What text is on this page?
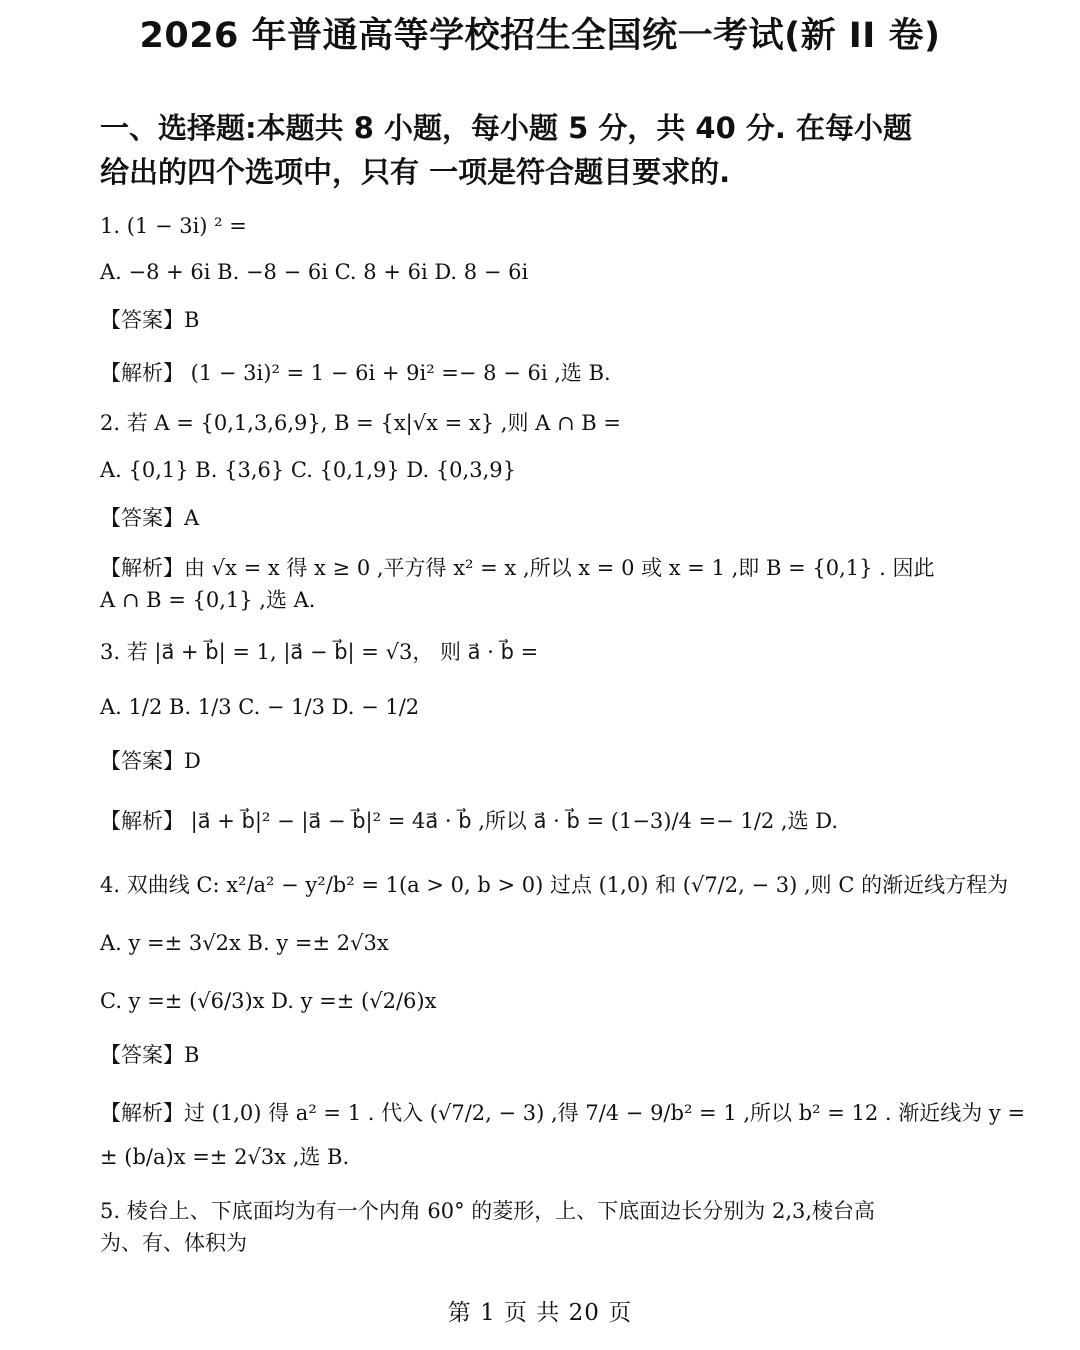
2026 年普通高等学校招生全国统一考试(新 II 卷)
一、选择题:本题共 8 小题，每小题 5 分，共 40 分. 在每小题
给出的四个选项中，只有 一项是符合题目要求的.
1. (1 − 3i) ² =
A. −8 + 6i B. −8 − 6i C. 8 + 6i D. 8 − 6i
【答案】B
【解析】 (1 − 3i)² = 1 − 6i + 9i² =− 8 − 6i ,选 B.
2. 若 A = {0,1,3,6,9}, B = {x|√x = x} ,则 A ∩ B =
A. {0,1} B. {3,6} C. {0,1,9} D. {0,3,9}
【答案】A
【解析】由 √x = x 得 x ≥ 0 ,平方得 x² = x ,所以 x = 0 或 x = 1 ,即 B = {0,1} . 因此
A ∩ B = {0,1} ,选 A.
3. 若 |a⃗ + b⃗| = 1, |a⃗ − b⃗| = √3， 则 a⃗ · b⃗ =
A. 1/2 B. 1/3 C. − 1/3 D. − 1/2
【答案】D
【解析】 |a⃗ + b⃗|² − |a⃗ − b⃗|² = 4a⃗ · b⃗ ,所以 a⃗ · b⃗ = (1−3)/4 =− 1/2 ,选 D.
4. 双曲线 C: x²/a² − y²/b² = 1(a > 0, b > 0) 过点 (1,0) 和 (√7/2, − 3) ,则 C 的渐近线方程为
A. y =± 3√2x B. y =± 2√3x
C. y =± (√6/3)x D. y =± (√2/6)x
【答案】B
【解析】过 (1,0) 得 a² = 1 . 代入 (√7/2, − 3) ,得 7/4 − 9/b² = 1 ,所以 b² = 12 . 渐近线为 y =
± (b/a)x =± 2√3x ,选 B.
5. 棱台上、下底面均为有一个内角 60° 的菱形，上、下底面边长分别为 2,3,棱台高
为、有、体积为
第 1 页 共 20 页
